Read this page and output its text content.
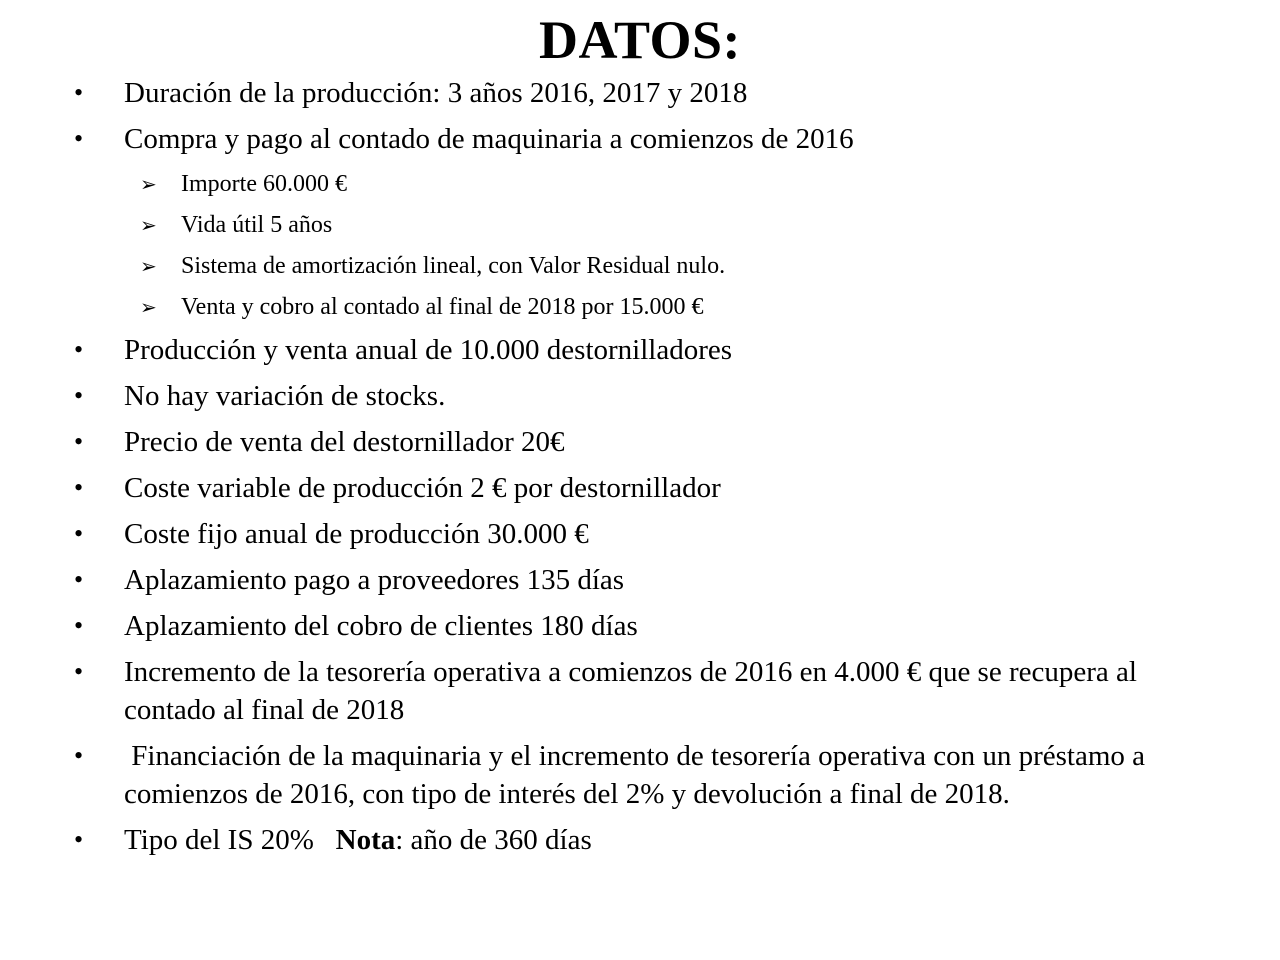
DATOS:
•	Duración de la producción: 3 años 2016, 2017 y 2018
•	Compra y pago al contado de maquinaria a comienzos de 2016
➢ Importe 60.000 €
➢ Vida útil 5 años
➢ Sistema de amortización lineal, con Valor Residual nulo.
➢ Venta y cobro al contado al final de 2018 por 15.000 €
•	Producción y venta anual de 10.000 destornilladores
•	No hay variación de stocks.
•	Precio de venta del destornillador 20€
•	Coste variable de producción 2 € por destornillador
•	Coste fijo anual de producción 30.000 €
•	Aplazamiento pago a proveedores 135 días
•	Aplazamiento del cobro de clientes 180 días
•	Incremento de la tesorería operativa a comienzos de 2016 en 4.000 € que se recupera al contado al final de 2018
•	Financiación de la maquinaria y el incremento de tesorería operativa con un préstamo a comienzos de 2016, con tipo de interés del 2% y devolución a final de 2018.
•	Tipo del IS 20%   Nota: año de 360 días
